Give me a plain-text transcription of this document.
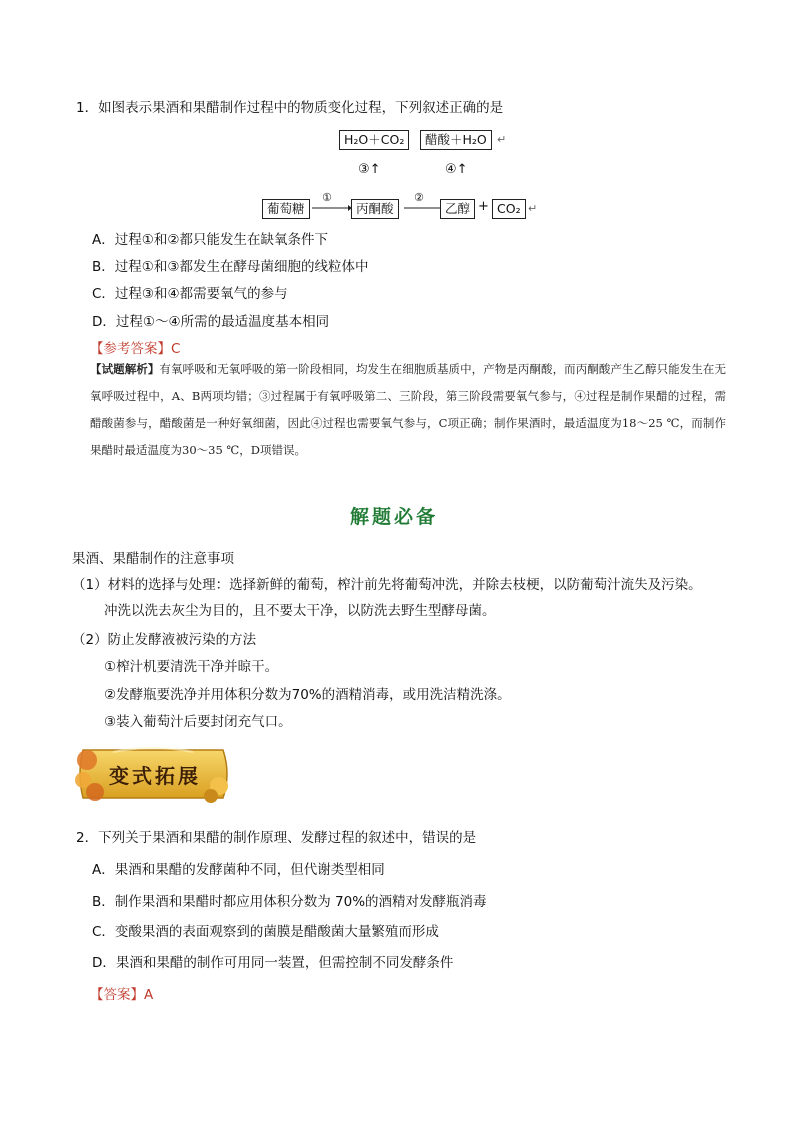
1．如图表示果酒和果醋制作过程中的物质变化过程，下列叙述正确的是
H₂O＋CO₂	醋酸＋H₂O ↵
③↑	④↑
葡萄糖
①
丙酮酸
②
乙醇 + CO₂ ↵
A．过程①和②都只能发生在缺氧条件下
B．过程①和③都发生在酵母菌细胞的线粒体中
C．过程③和④都需要氧气的参与
D．过程①～④所需的最适温度基本相同
【参考答案】C
【试题解析】有氧呼吸和无氧呼吸的第一阶段相同，均发生在细胞质基质中，产物是丙酮酸，而丙酮酸产生乙醇只能发生在无氧呼吸过程中，A、B两项均错；③过程属于有氧呼吸第二、三阶段，第三阶段需要氧气参与，④过程是制作果醋的过程，需醋酸菌参与，醋酸菌是一种好氧细菌，因此④过程也需要氧气参与，C项正确；制作果酒时，最适温度为18～25 ℃，而制作果醋时最适温度为30～35 ℃，D项错误。
解题必备
果酒、果醋制作的注意事项
（1）材料的选择与处理：选择新鲜的葡萄，榨汁前先将葡萄冲洗，并除去枝梗，以防葡萄汁流失及污染。
冲洗以洗去灰尘为目的，且不要太干净，以防洗去野生型酵母菌。
（2）防止发酵液被污染的方法
①榨汁机要清洗干净并晾干。
②发酵瓶要洗净并用体积分数为70%的酒精消毒，或用洗洁精洗涤。
③装入葡萄汁后要封闭充气口。
变式拓展
2．下列关于果酒和果醋的制作原理、发酵过程的叙述中，错误的是
A．果酒和果醋的发酵菌种不同，但代谢类型相同
B．制作果酒和果醋时都应用体积分数为 70%的酒精对发酵瓶消毒
C．变酸果酒的表面观察到的菌膜是醋酸菌大量繁殖而形成
D．果酒和果醋的制作可用同一装置，但需控制不同发酵条件
【答案】A
